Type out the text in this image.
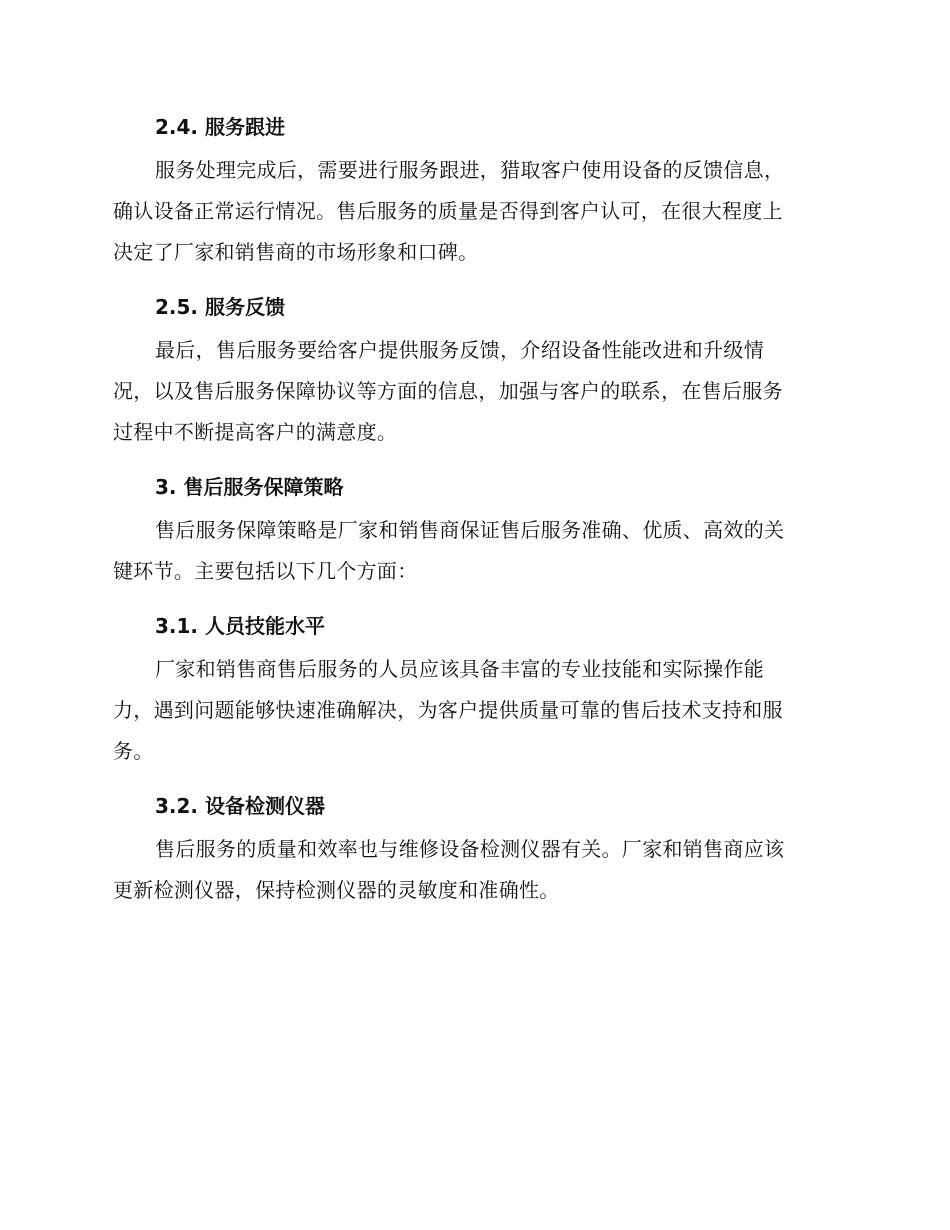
2.4. 服务跟进

服务处理完成后，需要进行服务跟进，猎取客户使用设备的反馈信息，
确认设备正常运行情况。售后服务的质量是否得到客户认可，在很大程度上
决定了厂家和销售商的市场形象和口碑。

2.5. 服务反馈

最后，售后服务要给客户提供服务反馈，介绍设备性能改进和升级情
况，以及售后服务保障协议等方面的信息，加强与客户的联系，在售后服务
过程中不断提高客户的满意度。

3. 售后服务保障策略

售后服务保障策略是厂家和销售商保证售后服务准确、优质、高效的关
键环节。主要包括以下几个方面：

3.1. 人员技能水平

厂家和销售商售后服务的人员应该具备丰富的专业技能和实际操作能
力，遇到问题能够快速准确解决，为客户提供质量可靠的售后技术支持和服
务。

3.2. 设备检测仪器

售后服务的质量和效率也与维修设备检测仪器有关。厂家和销售商应该
更新检测仪器，保持检测仪器的灵敏度和准确性。
